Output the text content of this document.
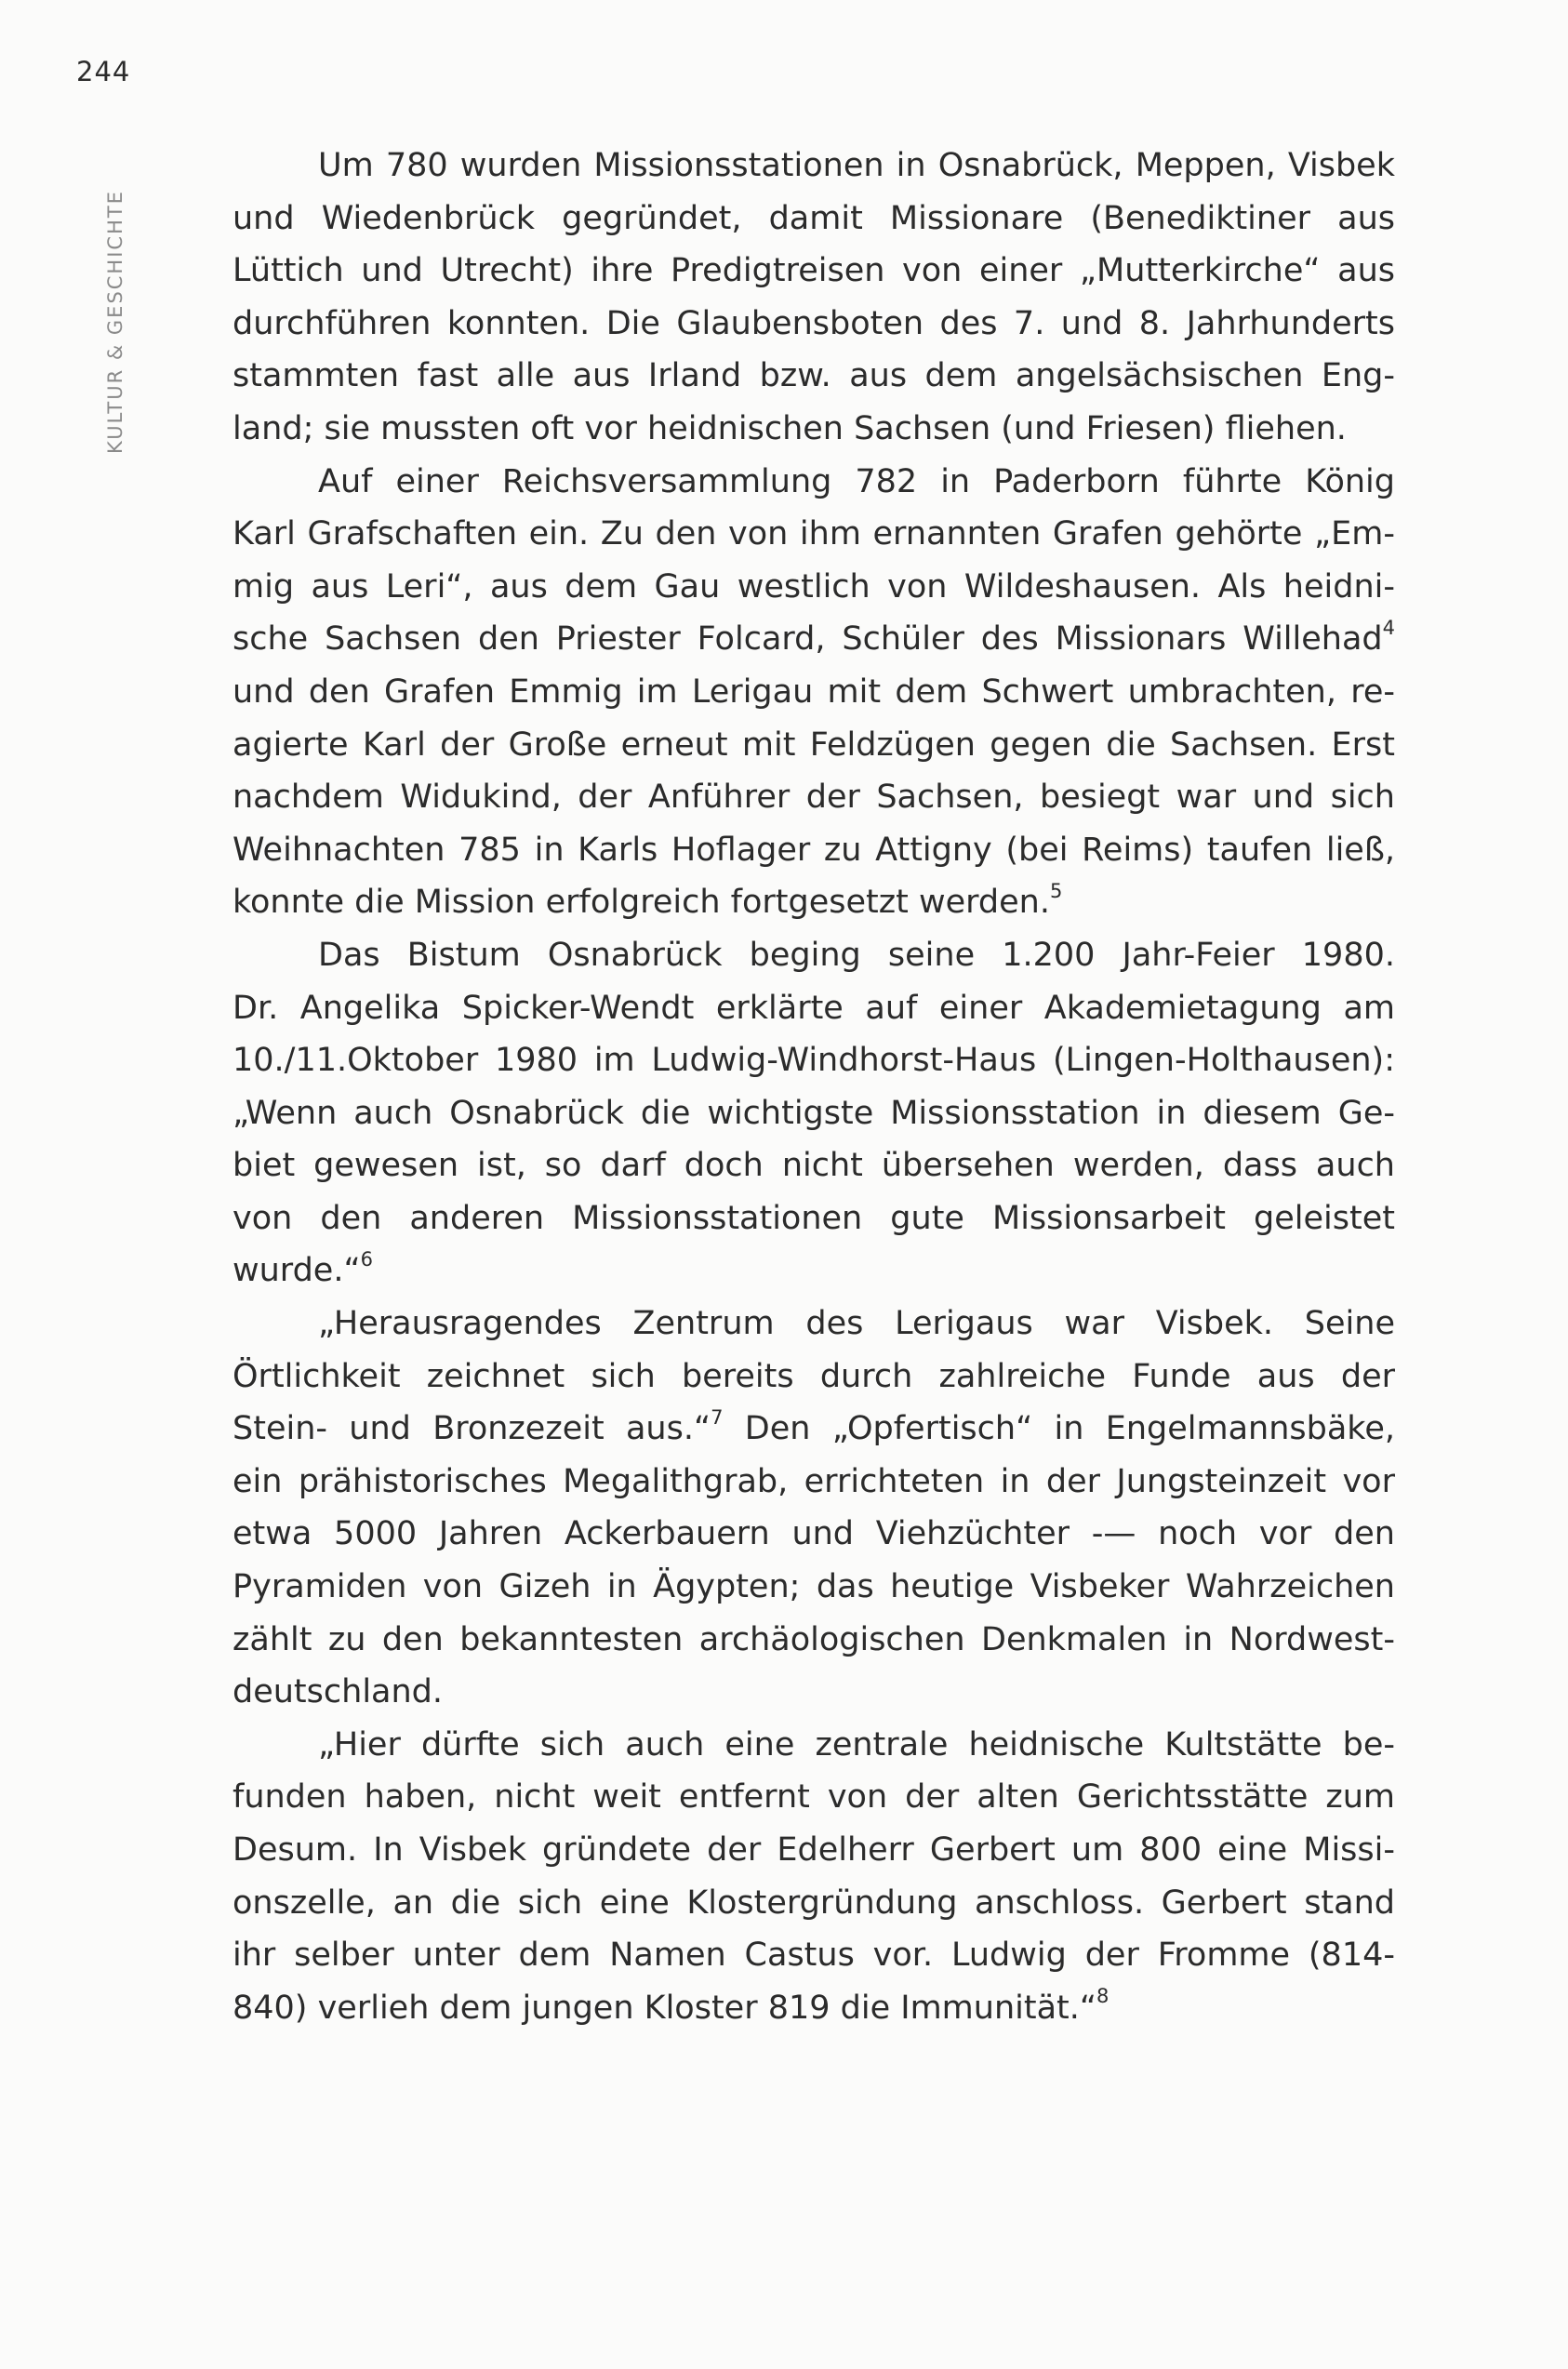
244
KULTUR & GESCHICHTE
Um 780 wurden Missionsstationen in Osnabrück, Meppen, Visbek
und Wiedenbrück gegründet, damit Missionare (Benediktiner aus
Lüttich und Utrecht) ihre Predigtreisen von einer „Mutterkirche“ aus
durchführen konnten. Die Glaubensboten des 7. und 8. Jahrhunderts
stammten fast alle aus Irland bzw. aus dem angelsächsischen Eng-
land; sie mussten oft vor heidnischen Sachsen (und Friesen) fliehen.
Auf einer Reichsversammlung 782 in Paderborn führte König
Karl Grafschaften ein. Zu den von ihm ernannten Grafen gehörte „Em-
mig aus Leri“, aus dem Gau westlich von Wildeshausen. Als heidni-
sche Sachsen den Priester Folcard, Schüler des Missionars Willehad$^4$
und den Grafen Emmig im Lerigau mit dem Schwert umbrachten, re-
agierte Karl der Große erneut mit Feldzügen gegen die Sachsen. Erst
nachdem Widukind, der Anführer der Sachsen, besiegt war und sich
Weihnachten 785 in Karls Hoflager zu Attigny (bei Reims) taufen ließ,
konnte die Mission erfolgreich fortgesetzt werden.$^5$
Das Bistum Osnabrück beging seine 1.200 Jahr-Feier 1980.
Dr. Angelika Spicker-Wendt erklärte auf einer Akademietagung am
10./11.Oktober 1980 im Ludwig-Windhorst-Haus (Lingen-Holthausen):
„Wenn auch Osnabrück die wichtigste Missionsstation in diesem Ge-
biet gewesen ist, so darf doch nicht übersehen werden, dass auch
von den anderen Missionsstationen gute Missionsarbeit geleistet
wurde.“$^6$
„Herausragendes Zentrum des Lerigaus war Visbek. Seine
Örtlichkeit zeichnet sich bereits durch zahlreiche Funde aus der
Stein- und Bronzezeit aus.“$^7$ Den „Opfertisch“ in Engelmannsbäke,
ein prähistorisches Megalithgrab, errichteten in der Jungsteinzeit vor
etwa 5000 Jahren Ackerbauern und Viehzüchter -— noch vor den
Pyramiden von Gizeh in Ägypten; das heutige Visbeker Wahrzeichen
zählt zu den bekanntesten archäologischen Denkmalen in Nordwest-
deutschland.
„Hier dürfte sich auch eine zentrale heidnische Kultstätte be-
funden haben, nicht weit entfernt von der alten Gerichtsstätte zum
Desum. In Visbek gründete der Edelherr Gerbert um 800 eine Missi-
onszelle, an die sich eine Klostergründung anschloss. Gerbert stand
ihr selber unter dem Namen Castus vor. Ludwig der Fromme (814-
840) verlieh dem jungen Kloster 819 die Immunität.“$^8$
